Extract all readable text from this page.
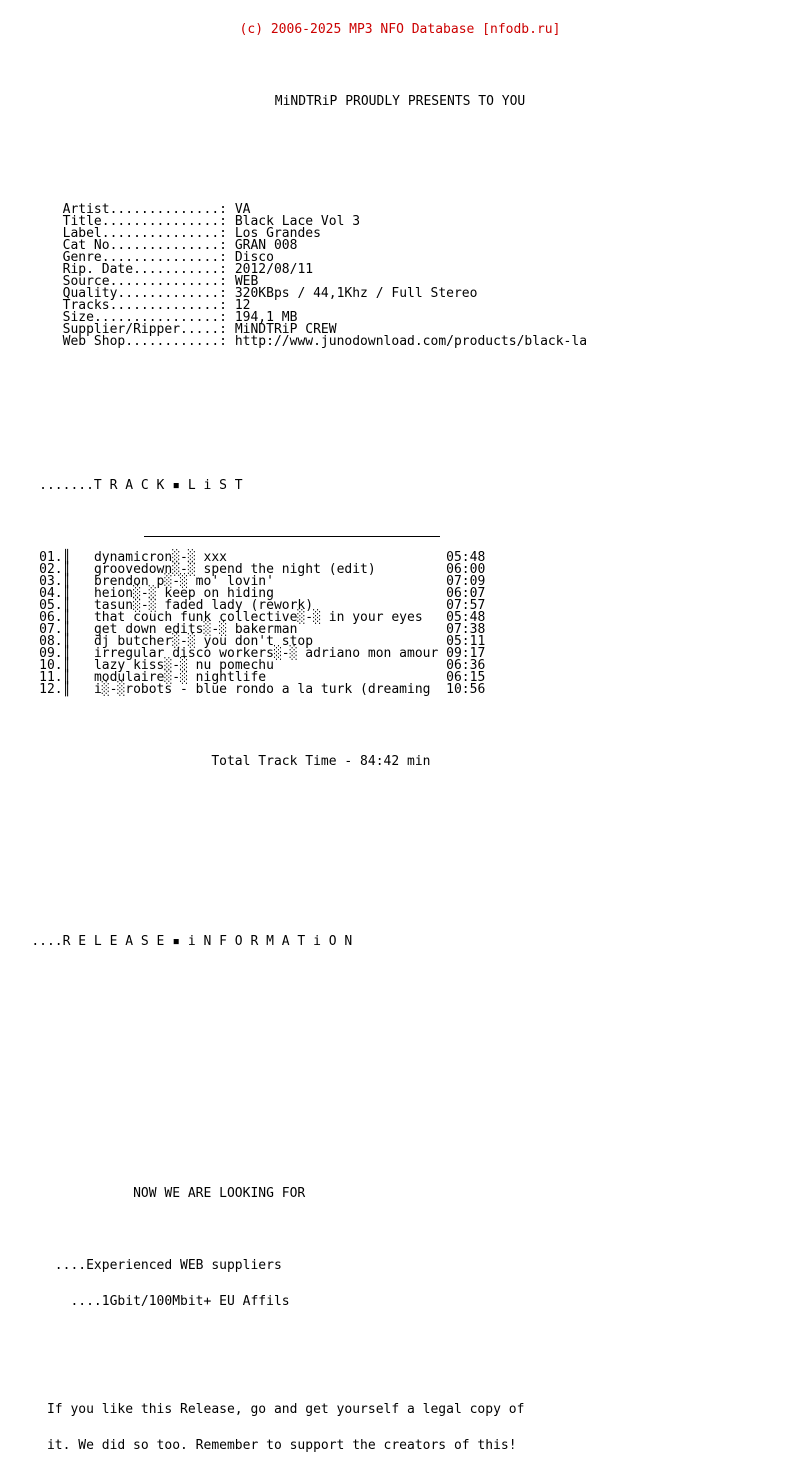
(c) 2006-2025 MP3 NFO Database [nfodb.ru]

MiNDTRiP PROUDLY PRESENTS TO YOU

Artist..............: VA
Title...............: Black Lace Vol 3
Label...............: Los Grandes
Cat No..............: GRAN 008
Genre...............: Disco
Rip. Date...........: 2012/08/11
Source..............: WEB
Quality.............: 320KBps / 44,1Khz / Full Stereo
Tracks..............: 12
Size................: 194,1 MB
Supplier/Ripper.....: MiNDTRiP CREW
Web Shop............: http://www.junodownload.com/products/black-la

.......T R A C K ▪ L i S T

01.║   dynamicron░-░ xxx	05:48
02.║   groovedown░-░ spend the night (edit)	06:00
03.║   brendon p░-░ mo' lovin'	07:09
04.║   heion░-░ keep on hiding	06:07
05.║   tasun░-░ faded lady (rework)	07:57
06.║   that couch funk collective░-░ in your eyes 05:48
07.║   get down edits░-░ bakerman	07:38
08.║   dj butcher░-░ you don't stop	05:11
09.║   irregular disco workers░-░ adriano mon amour 09:17
10.║   lazy kiss░-░ nu pomechu	06:36
11.║   modulaire░-░ nightlife	06:15
12.║   i░-░robots - blue rondo a la turk (dreaming 10:56

Total Track Time - 84:42 min

....R E L E A S E ▪ i N F O R M A T i O N

NOW WE ARE LOOKING FOR

....Experienced WEB suppliers

....1Gbit/100Mbit+ EU Affils

If you like this Release, go and get yourself a legal copy of

it. We did so too. Remember to support the creators of this!
